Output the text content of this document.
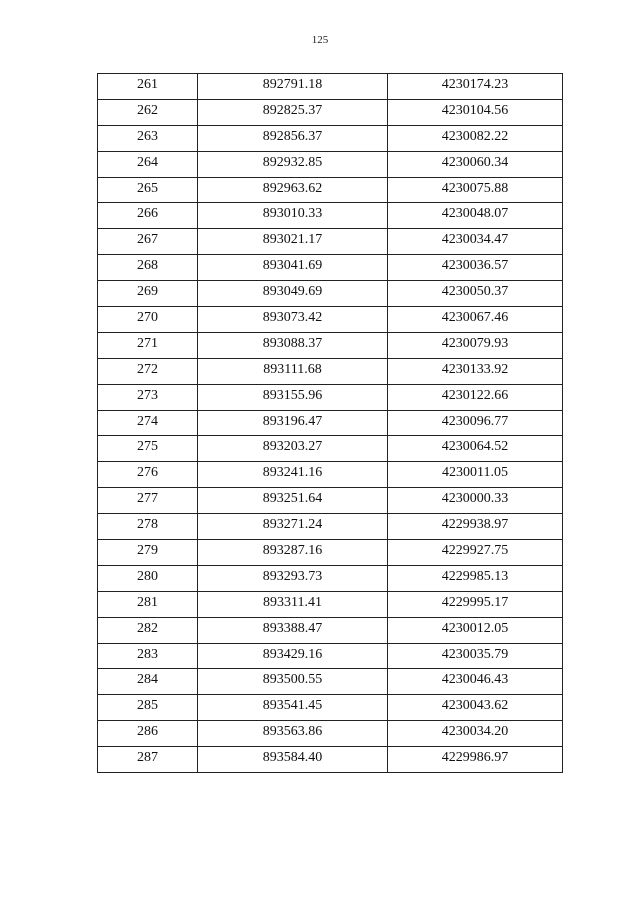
125
261	892791.18	4230174.23
262	892825.37	4230104.56
263	892856.37	4230082.22
264	892932.85	4230060.34
265	892963.62	4230075.88
266	893010.33	4230048.07
267	893021.17	4230034.47
268	893041.69	4230036.57
269	893049.69	4230050.37
270	893073.42	4230067.46
271	893088.37	4230079.93
272	893111.68	4230133.92
273	893155.96	4230122.66
274	893196.47	4230096.77
275	893203.27	4230064.52
276	893241.16	4230011.05
277	893251.64	4230000.33
278	893271.24	4229938.97
279	893287.16	4229927.75
280	893293.73	4229985.13
281	893311.41	4229995.17
282	893388.47	4230012.05
283	893429.16	4230035.79
284	893500.55	4230046.43
285	893541.45	4230043.62
286	893563.86	4230034.20
287	893584.40	4229986.97
